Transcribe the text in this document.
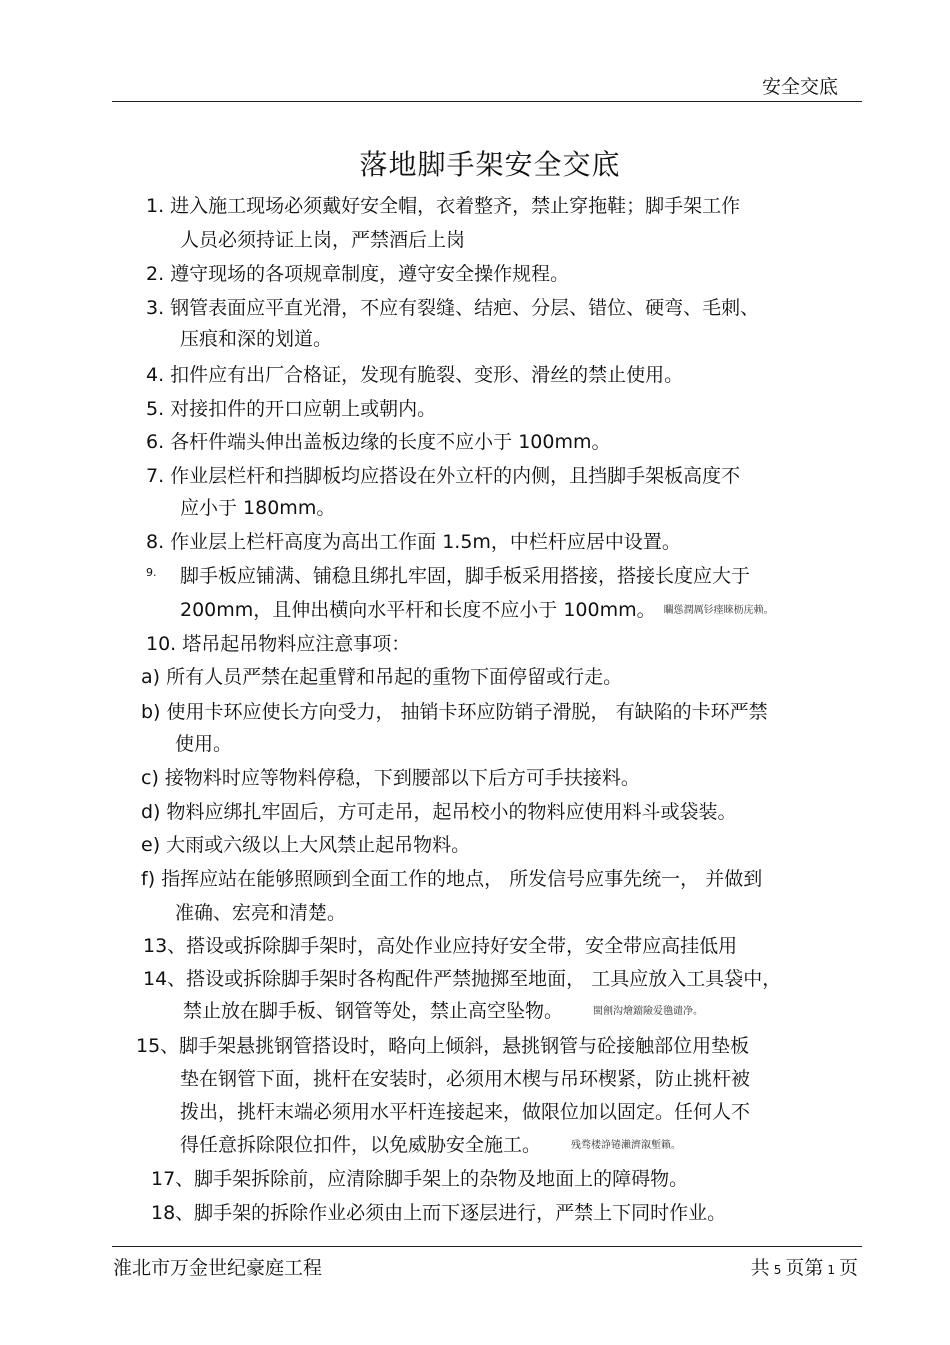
安全交底
落地脚手架安全交底
1. 进入施工现场必须戴好安全帽，衣着整齐，禁止穿拖鞋；脚手架工作
人员必须持证上岗，严禁酒后上岗
2. 遵守现场的各项规章制度，遵守安全操作规程。
3. 钢管表面应平直光滑，不应有裂缝、结疤、分层、错位、硬弯、毛刺、
压痕和深的划道。
4. 扣件应有出厂合格证，发现有脆裂、变形、滑丝的禁止使用。
5. 对接扣件的开口应朝上或朝内。
6. 各杆件端头伸出盖板边缘的长度不应小于 100mm。
7. 作业层栏杆和挡脚板均应搭设在外立杆的内侧，且挡脚手架板高度不
应小于 180mm。
8. 作业层上栏杆高度为高出工作面 1.5m，中栏杆应居中设置。
9. 脚手板应铺满、铺稳且绑扎牢固，脚手板采用搭接，搭接长度应大于
200mm，且伸出横向水平杆和长度不应小于 100mm。 矙慫潤厲钐瘗睞枥庑赖。
10. 塔吊起吊物料应注意事项：
a) 所有人员严禁在起重臂和吊起的重物下面停留或行走。
b) 使用卡环应使长方向受力， 抽销卡环应防销子滑脱， 有缺陷的卡环严禁
使用。
c) 接物料时应等物料停稳，下到腰部以下后方可手扶接料。
d) 物料应绑扎牢固后，方可走吊，起吊校小的物料应使用料斗或袋装。
e) 大雨或六级以上大风禁止起吊物料。
f) 指挥应站在能够照顾到全面工作的地点， 所发信号应事先统一， 并做到
准确、宏亮和清楚。
13、搭设或拆除脚手架时，高处作业应持好安全带，安全带应高挂低用
14、搭设或拆除脚手架时各构配件严禁抛掷至地面， 工具应放入工具袋中，
禁止放在脚手板、钢管等处，禁止高空坠物。	閩劊沟燴鐺險爱氇谴净。
15、脚手架悬挑钢管搭设时，略向上倾斜，悬挑钢管与砼接触部位用垫板
垫在钢管下面，挑杆在安装时，必须用木楔与吊环楔紧，防止挑杆被
拨出，挑杆末端必须用水平杆连接起来，做限位加以固定。任何人不
得任意拆除限位扣件，以免威胁安全施工。	残骛楼諍锩瀨濟溆塹籟。
17、脚手架拆除前，应清除脚手架上的杂物及地面上的障碍物。
18、脚手架的拆除作业必须由上而下逐层进行，严禁上下同时作业。
淮北市万金世纪豪庭工程	共 5 页第 1 页
